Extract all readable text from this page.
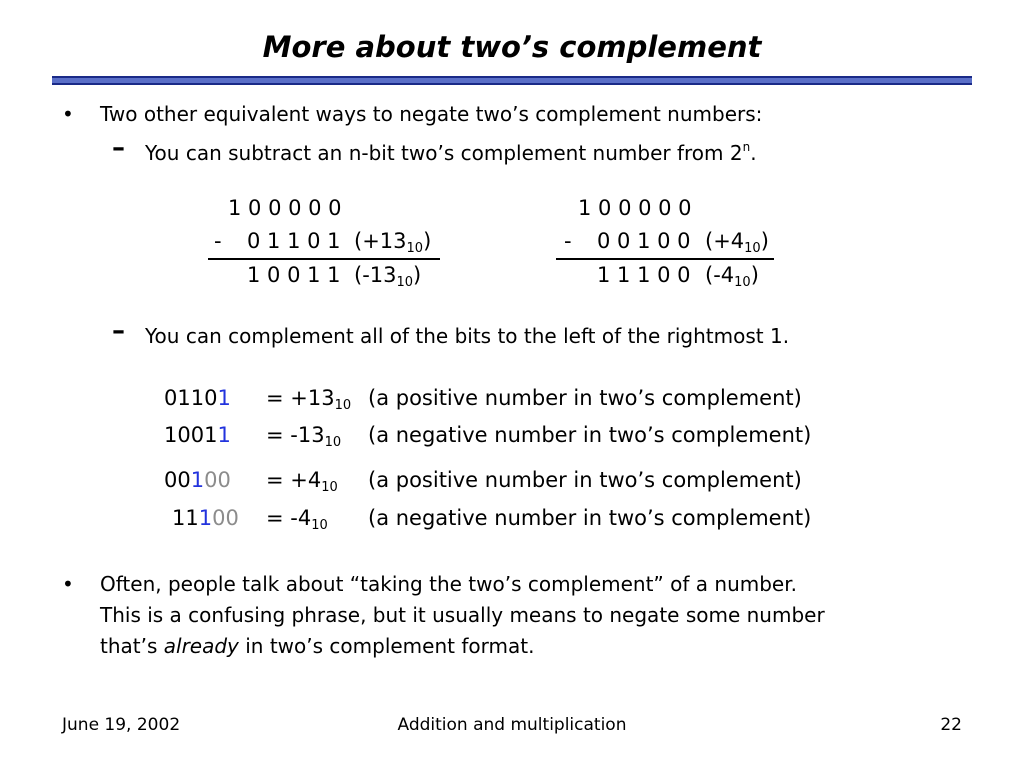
More about two’s complement
• Two other equivalent ways to negate two’s complement numbers:
– You can subtract an n-bit two’s complement number from 2$^n$.
1 0 0 0 0 0
- 0 1 1 0 1 $(+13_{10})$
1 0 0 1 1 $(-13_{10})$
1 0 0 0 0 0
- 0 0 1 0 0 $(+4_{10})$
1 1 1 0 0 $(-4_{10})$
– You can complement all of the bits to the left of the rightmost 1.
$01101 = +13_{10}$ (a positive number in two’s complement)
$10011 = -13_{10}$ (a negative number in two’s complement)
$00100 = +4_{10}$ (a positive number in two’s complement)
$11100 = -4_{10}$ (a negative number in two’s complement)
• Often, people talk about “taking the two’s complement” of a number.
This is a confusing phrase, but it usually means to negate some number
that’s already in two’s complement format.
June 19, 2002	Addition and multiplication	22
